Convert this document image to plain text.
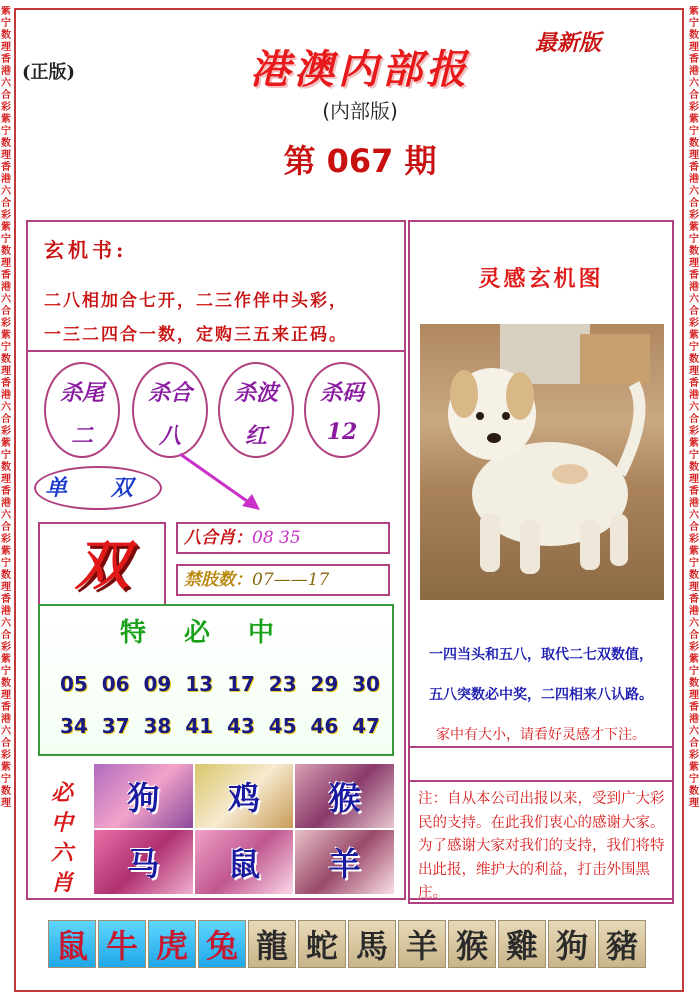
紫宁数理香港六合彩紫宁数理香港六合彩紫宁数理香港六合彩紫宁数理香港六合彩紫宁数理香港六合彩紫宁数理香港六合彩紫宁数理香港六合彩紫宁数理
紫宁数理香港六合彩紫宁数理香港六合彩紫宁数理香港六合彩紫宁数理香港六合彩紫宁数理香港六合彩紫宁数理香港六合彩紫宁数理香港六合彩紫宁数理
(正版)	港澳内部报
最新版
(内部版)
第 067 期
玄机书:
二八相加合七开，二三作伴中头彩，
一三二四合一数，定购三五来正码。
杀尾
二
杀合
八
杀波
红
杀码
12
单 双
双	八合肖：08 35
禁肢数：07——17
特必中
05 06 09 13 17 23 29 30
34 37 38 41 43 45 46 47
必
中
六
肖
狗	鸡	猴
马	鼠	羊
灵感玄机图
一四当头和五八，取代二七双数值，
五八突数必中奖，二四相来八认路。
家中有大小，请看好灵感才下注。
注：自从本公司出报以来，受到广大彩民的支持。在此我们衷心的感谢大家。为了感谢大家对我们的支持，我们将特出此报，维护大的利益，打击外围黑庄。
鼠 牛 虎 兔 龍 蛇 馬 羊 猴 雞 狗 豬
